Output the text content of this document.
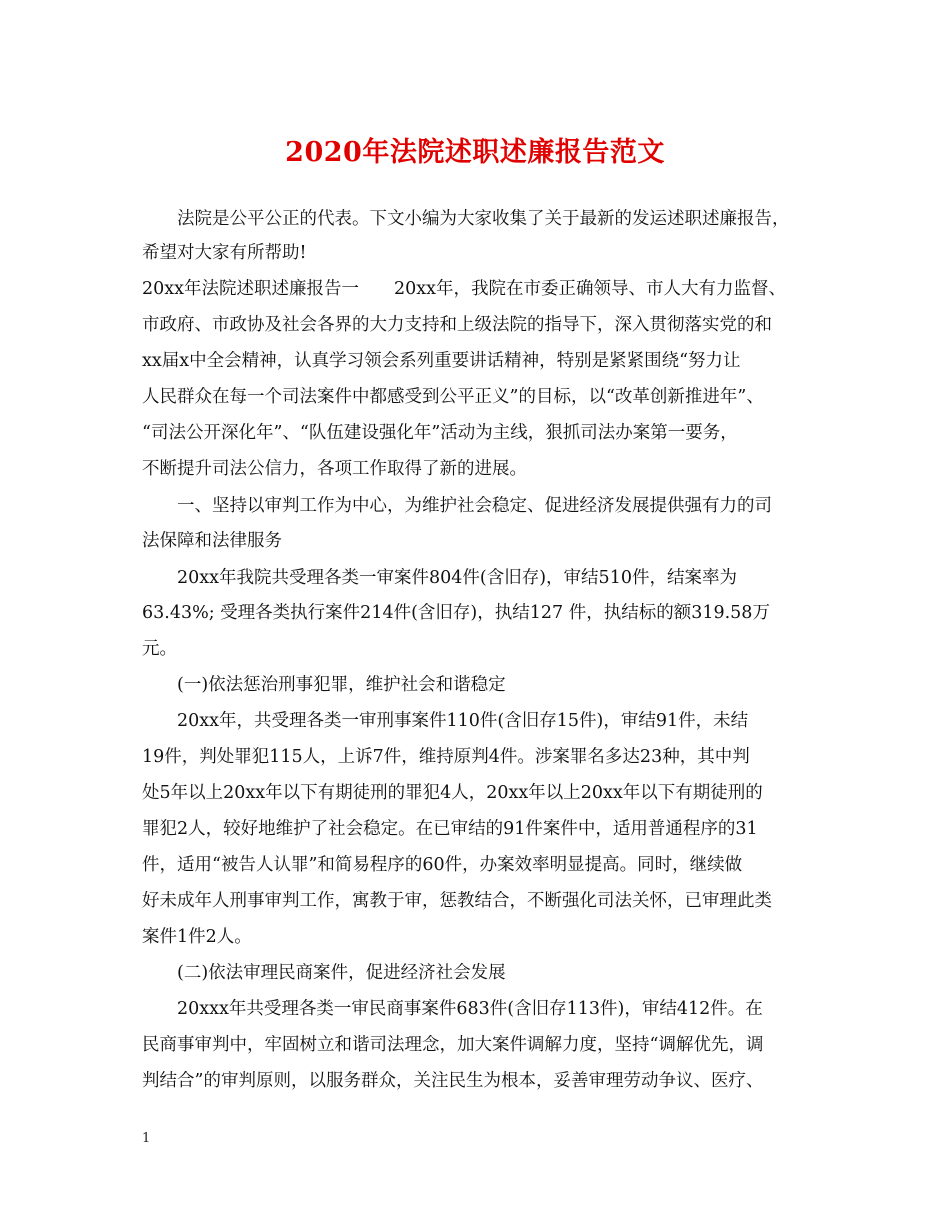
2020年法院述职述廉报告范文
　　法院是公平公正的代表。下文小编为大家收集了关于最新的发运述职述廉报告，
希望对大家有所帮助!
20xx年法院述职述廉报告一　　20xx年，我院在市委正确领导、市人大有力监督、
市政府、市政协及社会各界的大力支持和上级法院的指导下，深入贯彻落实党的和
xx届x中全会精神，认真学习领会系列重要讲话精神，特别是紧紧围绕“努力让
人民群众在每一个司法案件中都感受到公平正义”的目标，以“改革创新推进年”、
“司法公开深化年”、“队伍建设强化年”活动为主线，狠抓司法办案第一要务，
不断提升司法公信力，各项工作取得了新的进展。
　　一、坚持以审判工作为中心，为维护社会稳定、促进经济发展提供强有力的司
法保障和法律服务
　　20xx年我院共受理各类一审案件804件(含旧存)，审结510件，结案率为
63.43%; 受理各类执行案件214件(含旧存)，执结127 件，执结标的额319.58万
元。
　　(一)依法惩治刑事犯罪，维护社会和谐稳定
　　20xx年，共受理各类一审刑事案件110件(含旧存15件)，审结91件，未结
19件，判处罪犯115人，上诉7件，维持原判4件。涉案罪名多达23种，其中判
处5年以上20xx年以下有期徒刑的罪犯4人，20xx年以上20xx年以下有期徒刑的
罪犯2人，较好地维护了社会稳定。在已审结的91件案件中，适用普通程序的31
件，适用“被告人认罪”和简易程序的60件，办案效率明显提高。同时，继续做
好未成年人刑事审判工作，寓教于审，惩教结合，不断强化司法关怀，已审理此类
案件1件2人。
　　(二)依法审理民商案件，促进经济社会发展
　　20xxx年共受理各类一审民商事案件683件(含旧存113件)，审结412件。在
民商事审判中，牢固树立和谐司法理念，加大案件调解力度，坚持“调解优先，调
判结合”的审判原则，以服务群众，关注民生为根本，妥善审理劳动争议、医疗、
1
